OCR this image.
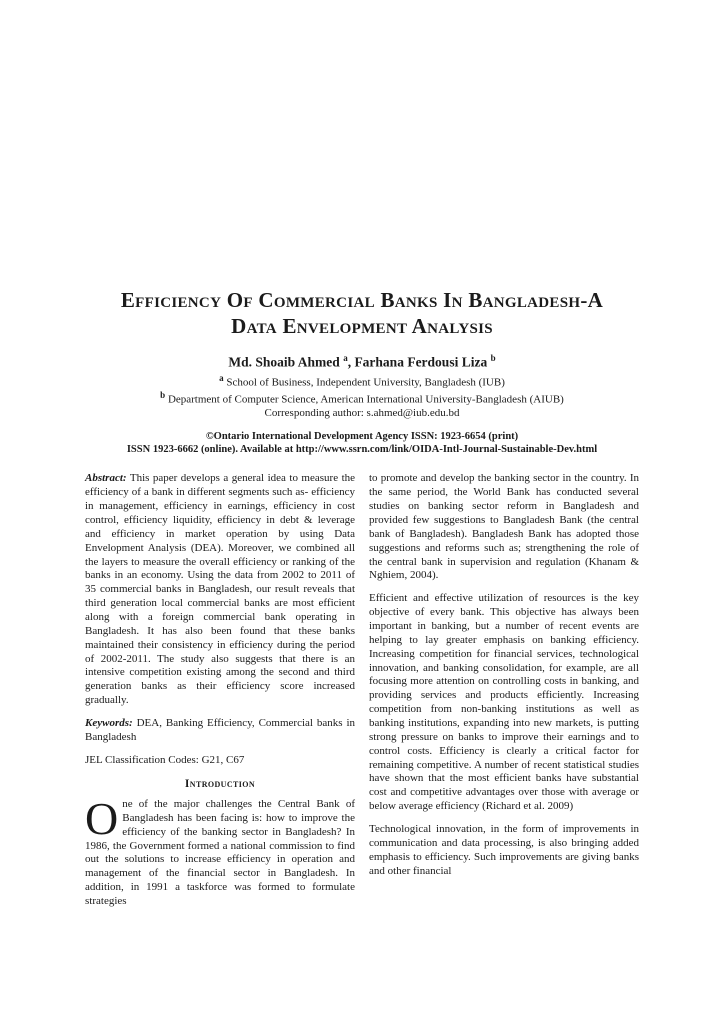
Efficiency Of Commercial Banks In Bangladesh-A
Data Envelopment Analysis

Md. Shoaib Ahmed $^a$, Farhana Ferdousi Liza $^b$

$^a$ School of Business, Independent University, Bangladesh (IUB)

$^b$ Department of Computer Science, American International University-Bangladesh (AIUB)

Corresponding author: s.ahmed@iub.edu.bd

©Ontario International Development Agency ISSN: 1923-6654 (print)
ISSN 1923-6662 (online). Available at http://www.ssrn.com/link/OIDA-Intl-Journal-Sustainable-Dev.html

Abstract: This paper develops a general idea to measure the efficiency of a bank in different segments such as- efficiency in management, efficiency in earnings, efficiency in cost control, efficiency liquidity, efficiency in debt & leverage and efficiency in market operation by using Data Envelopment Analysis (DEA). Moreover, we combined all the layers to measure the overall efficiency or ranking of the banks in an economy. Using the data from 2002 to 2011 of 35 commercial banks in Bangladesh, our result reveals that third generation local commercial banks are most efficient along with a foreign commercial bank operating in Bangladesh. It has also been found that these banks maintained their consistency in efficiency during the period of 2002-2011. The study also suggests that there is an intensive competition existing among the second and third generation banks as their efficiency score increased gradually.

Keywords: DEA, Banking Efficiency, Commercial banks in Bangladesh

JEL Classification Codes: G21, C67

Introduction

One of the major challenges the Central Bank of Bangladesh has been facing is: how to improve the efficiency of the banking sector in Bangladesh? In 1986, the Government formed a national commission to find out the solutions to increase efficiency in operation and management of the financial sector in Bangladesh. In addition, in 1991 a taskforce was formed to formulate strategies

to promote and develop the banking sector in the country. In the same period, the World Bank has conducted several studies on banking sector reform in Bangladesh and provided few suggestions to Bangladesh Bank (the central bank of Bangladesh). Bangladesh Bank has adopted those suggestions and reforms such as; strengthening the role of the central bank in supervision and regulation (Khanam & Nghiem, 2004).

Efficient and effective utilization of resources is the key objective of every bank. This objective has always been important in banking, but a number of recent events are helping to lay greater emphasis on banking efficiency. Increasing competition for financial services, technological innovation, and banking consolidation, for example, are all focusing more attention on controlling costs in banking, and providing services and products efficiently. Increasing competition from non-banking institutions as well as banking institutions, expanding into new markets, is putting strong pressure on banks to improve their earnings and to control costs. Efficiency is clearly a critical factor for remaining competitive. A number of recent statistical studies have shown that the most efficient banks have substantial cost and competitive advantages over those with average or below average efficiency (Richard et al. 2009)

Technological innovation, in the form of improvements in communication and data processing, is also bringing added emphasis to efficiency. Such improvements are giving banks and other financial
